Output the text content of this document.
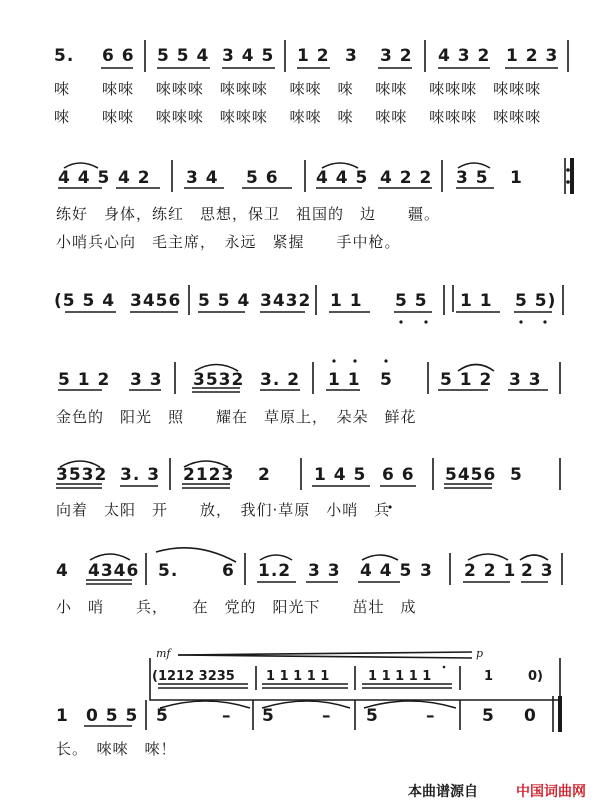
5. 6 6 5 5 4 3 4 5 1 2 3 3 2 4 3 2 1 2 3
唻　　唻唻　 唻唻唻　唻唻唻　 唻唻　唻　 唻唻　 唻唻唻　唻唻唻
唻　　唻唻　 唻唻唻　唻唻唻　 唻唻　唻　 唻唻　 唻唻唻　唻唻唻
4 4 5 4 2 3 4 5 6 4 4 5 4 2 2 3 5 1
练好　身体，练红　思想，保卫　祖国的　边　　疆。
小哨兵心向　毛主席，　永远　紧握　　手中枪。
(5 5 4 3456 5 5 4 3432 1 1 5 5 1 1 5 5)
5 1 2 3 3 3532 3. 2 1 1 5	5 1 2 3 3
金色的　阳光　照　　耀在　草原上，　朵朵　鲜花
3532 3. 3 2123 2	1 4 5 6 6 5456 5
向着　太阳　开　　放，　我们·草原　小哨　兵
4 4346 5.	6 1.2 3 3 4 4 5 3 2 2 1 2 3
小　哨　　兵，　　在　党的　阳光下　　茁壮　成
mf	p
(1212 3235 1 1 1 1 1	1 1 1 1 1	1	0)
1 0 5 5 5	– 5	– 5	–	5 0
长。　唻唻　唻！
本曲谱源自	中国词曲网
